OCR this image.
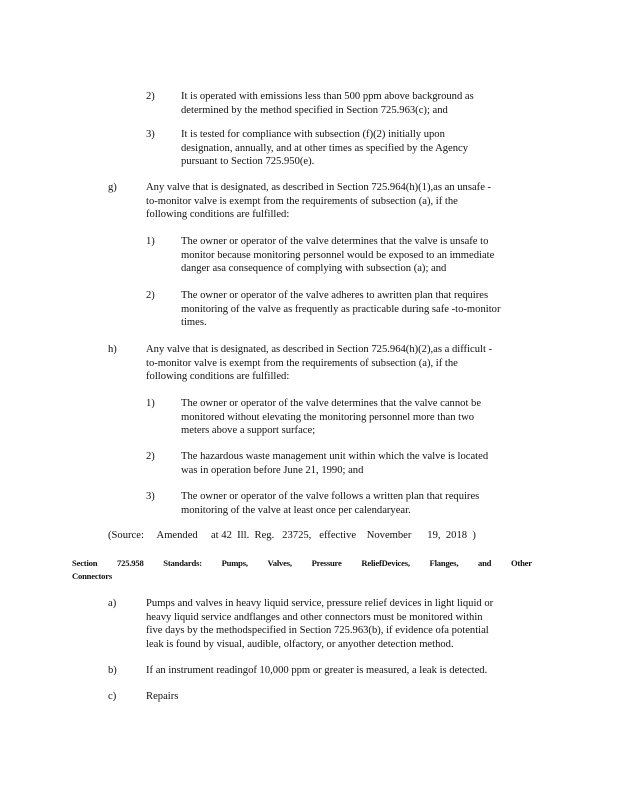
2) It is operated with emissions less than 500 ppm above background as
determined by the method specified in Section 725.963(c); and
3) It is tested for compliance with subsection (f)(2) initially upon
designation, annually, and at other times as specified by the Agency
pursuant to Section 725.950(e).
g)	Any valve that is designated, as described in Section 725.964(h)(1),as an unsafe -
to-monitor valve is exempt from the requirements of subsection (a), if the
following conditions are fulfilled:
1) The owner or operator of the valve determines that the valve is unsafe to
monitor because monitoring personnel would be exposed to an immediate
danger asa consequence of complying with subsection (a); and
2) The owner or operator of the valve adheres to awritten plan that requires
monitoring of the valve as frequently as practicable during safe -to-monitor
times.
h)	Any valve that is designated, as described in Section 725.964(h)(2),as a difficult -
to-monitor valve is exempt from the requirements of subsection (a), if the
following conditions are fulfilled:
1) The owner or operator of the valve determines that the valve cannot be
monitored without elevating the monitoring personnel more than two
meters above a support surface;
2) The hazardous waste management unit within which the valve is located
was in operation before June 21, 1990; and
3) The owner or operator of the valve follows a written plan that requires
monitoring of the valve at least once per calendaryear.
(Source:     Amended     at 42  Ill.  Reg.   23725,   effective    November      19,  2018  )
Section 725.958 Standards: Pumps, Valves, Pressure ReliefDevices, Flanges, and Other
Connectors
a)	Pumps and valves in heavy liquid service, pressure relief devices in light liquid or
heavy liquid service andflanges and other connectors must be monitored within
five days by the methodspecified in Section 725.963(b), if evidence ofa potential
leak is found by visual, audible, olfactory, or anyother detection method.
b)	If an instrument readingof 10,000 ppm or greater is measured, a leak is detected.
c)	Repairs
